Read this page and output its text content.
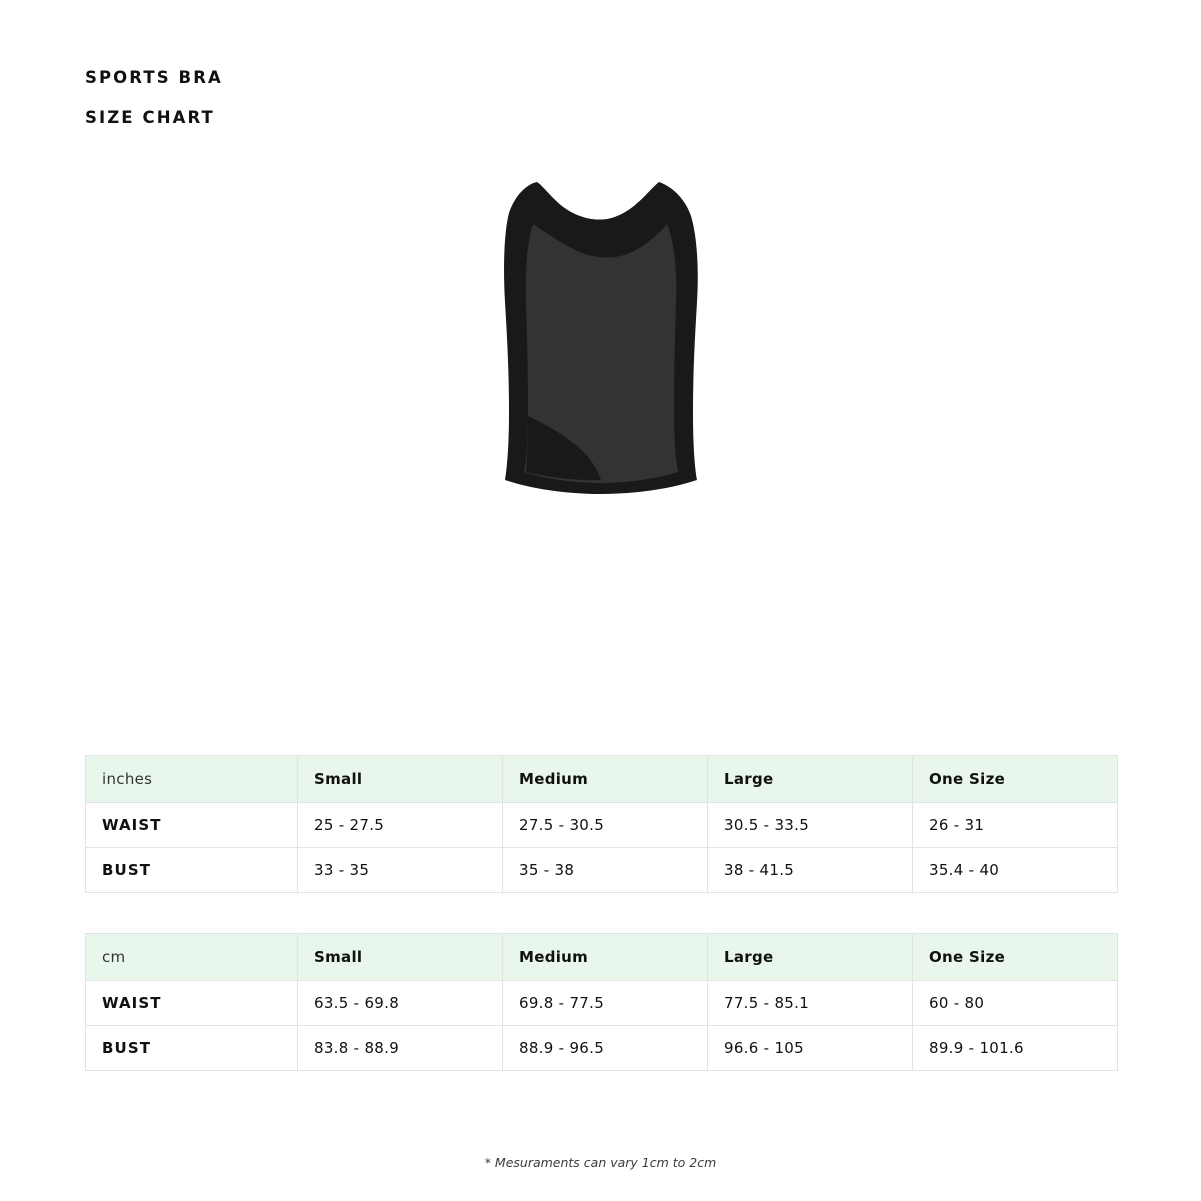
SPORTS BRA
SIZE CHART
inches	Small	Medium	Large	One Size
WAIST	25 - 27.5	27.5 - 30.5	30.5 - 33.5	26 - 31
BUST	33 - 35	35 - 38	38 - 41.5	35.4 - 40
cm	Small	Medium	Large	One Size
WAIST	63.5 - 69.8	69.8 - 77.5	77.5 - 85.1	60 - 80
BUST	83.8 - 88.9	88.9 - 96.5	96.6 - 105	89.9 - 101.6
* Mesuraments can vary 1cm to 2cm
